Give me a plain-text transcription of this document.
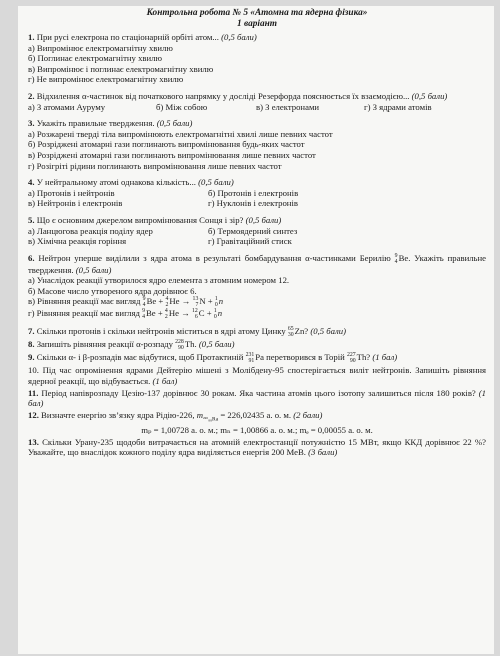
Контрольна робота № 5 «Атомна та ядерна фізика»
1 варіант
1. При русі електрона по стаціонарній орбіті атом... (0,5 бали)
а) Випромінює електромагнітну хвилю
б) Поглинає електромагнітну хвилю
в) Випромінює і поглинає електромагнітну хвилю
г) Не випромінює електромагнітну хвилю
2. Відхилення α-частинок від початкового напрямку у досліді Резерфорда пояснюється їх взаємодією... (0,5 бали)
а) З атомами Ауруму	б) Між собою	в) З електронами	г) З ядрами атомів
3. Укажіть правильне твердження. (0,5 бали)
а) Розжарені тверді тіла випромінюють електромагнітні хвилі лише певних частот
б) Розріджені атомарні гази поглинають випромінювання будь-яких частот
в) Розріджені атомарні гази поглинають випромінювання лише певних частот
г) Розігріті рідини поглинають випромінювання лише певних частот
4. У нейтральному атомі однакова кількість... (0,5 бали)
а) Протонів і нейтронів	б) Протонів і електронів
в) Нейтронів і електронів	г) Нуклонів і електронів
5. Що є основним джерелом випромінювання Сонця і зір? (0,5 бали)
а) Ланцюгова реакція поділу ядер	б) Термоядерний синтез
в) Хімічна реакція горіння	г) Гравітаційний стиск
6. Нейтрон уперше виділили з ядра атома в результаті бомбардування α-частинками Берилію 9
4 Be. Укажіть правильне твердження. (0,5 бали)
а) Унаслідок реакції утворилося ядро елемента з атомним номером 12.
б) Масове число утвореного ядра дорівнює 6.
в) Рівняння реакції має вигляд 9
4 Be + 4
2 He → 13
7 N + 1
0 n
г) Рівняння реакції має вигляд 9
4 Be + 4
2 He → 12
6 C + 1
0 n
7. Скільки протонів і скільки нейтронів міститься в ядрі атому Цинку 65
30 Zn? (0,5 бали)
8. Запишіть рівняння реакції α-розпаду 228
90 Th. (0,5 бали)
9. Скільки α- і β-розпадів має відбутися, щоб Протактиній 231
91 Pa перетворився в Торій 227
90 Th? (1 бал)
10. Під час опромінення ядрами Дейтерію мішені з Молібдену-95 спостерігається виліт нейтронів. Запишіть рівняння ядерної реакції, що відбувається. (1 бал)
11. Період напіврозпаду Цезію-137 дорівнює 30 рокам. Яка частина атомів цього ізотопу залишиться після 180 років? (1 бал)
12. Визначте енергію зв’язку ядра Рідію-226, $m_{^{226}_{88}Ra} = 226,02435$ а. о. м. (2 бали)
mₚ = 1,00728 а. о. м.; mₙ = 1,00866 а. о. м.; mₑ = 0,00055 а. о. м.
13. Скільки Урану-235 щодоби витрачається на атомній електростанції потужністю 15 МВт, якщо ККД дорівнює 22 %? Уважайте, що внаслідок кожного поділу ядра виділяється енергія 200 МеВ. (3 бали)
